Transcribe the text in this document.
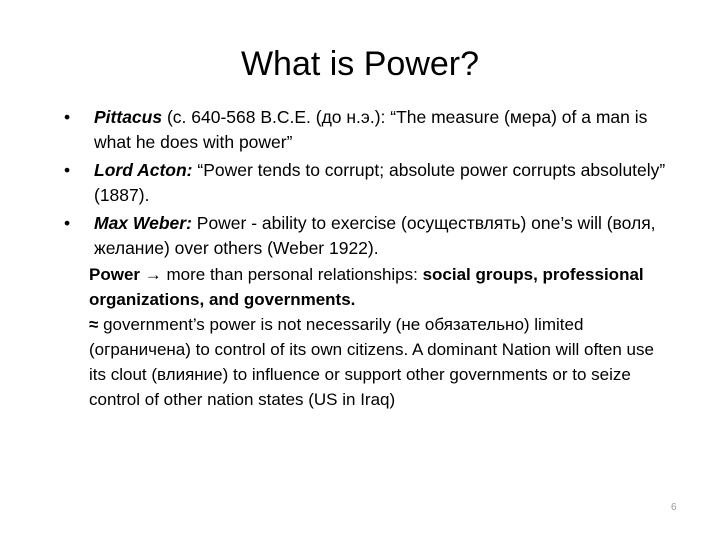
What is Power?
• Pittacus (c. 640-568 B.C.E. (до н.э.): “The measure (мера) of a man is what he does with power”
• Lord Acton: “Power tends to corrupt; absolute power corrupts absolutely” (1887).
• Max Weber: Power - ability to exercise (осуществлять) one’s will (воля, желание) over others (Weber 1922).

Power → more than personal relationships: social groups, professional organizations, and governments.

≈ government’s power is not necessarily (не обязательно) limited (ограничена) to control of its own citizens. A dominant Nation will often use its clout (влияние) to influence or support other governments or to seize control of other nation states (US in Iraq)

6
